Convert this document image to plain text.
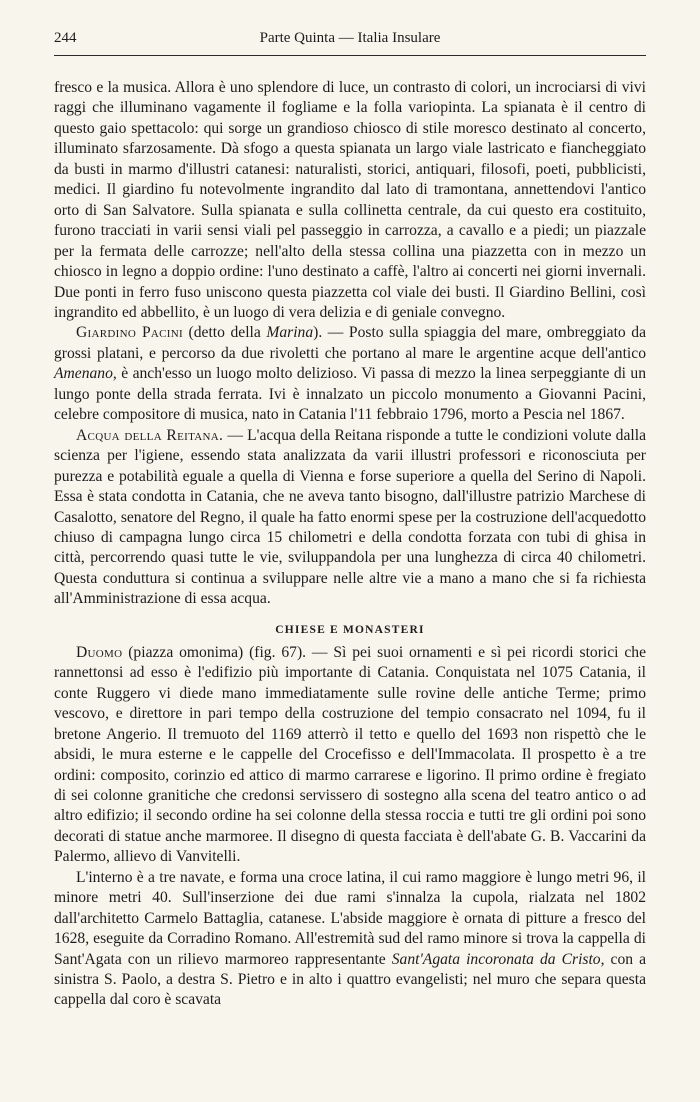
244	Parte Quinta — Italia Insulare

fresco e la musica. Allora è uno splendore di luce, un contrasto di colori, un incrociarsi di vivi raggi che illuminano vagamente il fogliame e la folla variopinta. La spianata è il centro di questo gaio spettacolo: qui sorge un grandioso chiosco di stile moresco destinato al concerto, illuminato sfarzosamente. Dà sfogo a questa spianata un largo viale lastricato e fiancheggiato da busti in marmo d'illustri catanesi: naturalisti, storici, antiquari, filosofi, poeti, pubblicisti, medici. Il giardino fu notevolmente ingrandito dal lato di tramontana, annettendovi l'antico orto di San Salvatore. Sulla spianata e sulla collinetta centrale, da cui questo era costituito, furono tracciati in varii sensi viali pel passeggio in carrozza, a cavallo e a piedi; un piazzale per la fermata delle carrozze; nell'alto della stessa collina una piazzetta con in mezzo un chiosco in legno a doppio ordine: l'uno destinato a caffè, l'altro ai concerti nei giorni invernali. Due ponti in ferro fuso uniscono questa piazzetta col viale dei busti. Il Giardino Bellini, così ingrandito ed abbellito, è un luogo di vera delizia e di geniale convegno.

Giardino Pacini (detto della Marina). — Posto sulla spiaggia del mare, ombreggiato da grossi platani, e percorso da due rivoletti che portano al mare le argentine acque dell'antico Amenano, è anch'esso un luogo molto delizioso. Vi passa di mezzo la linea serpeggiante di un lungo ponte della strada ferrata. Ivi è innalzato un piccolo monumento a Giovanni Pacini, celebre compositore di musica, nato in Catania l'11 febbraio 1796, morto a Pescia nel 1867.

Acqua della Reitana. — L'acqua della Reitana risponde a tutte le condizioni volute dalla scienza per l'igiene, essendo stata analizzata da varii illustri professori e riconosciuta per purezza e potabilità eguale a quella di Vienna e forse superiore a quella del Serino di Napoli. Essa è stata condotta in Catania, che ne aveva tanto bisogno, dall'illustre patrizio Marchese di Casalotto, senatore del Regno, il quale ha fatto enormi spese per la costruzione dell'acquedotto chiuso di campagna lungo circa 15 chilometri e della condotta forzata con tubi di ghisa in città, percorrendo quasi tutte le vie, sviluppandola per una lunghezza di circa 40 chilometri. Questa conduttura si continua a sviluppare nelle altre vie a mano a mano che si fa richiesta all'Amministrazione di essa acqua.

CHIESE E MONASTERI

Duomo (piazza omonima) (fig. 67). — Sì pei suoi ornamenti e sì pei ricordi storici che rannettonsi ad esso è l'edifizio più importante di Catania. Conquistata nel 1075 Catania, il conte Ruggero vi diede mano immediatamente sulle rovine delle antiche Terme; primo vescovo, e direttore in pari tempo della costruzione del tempio consacrato nel 1094, fu il bretone Angerio. Il tremuoto del 1169 atterrò il tetto e quello del 1693 non rispettò che le absidi, le mura esterne e le cappelle del Crocefisso e dell'Immacolata. Il prospetto è a tre ordini: composito, corinzio ed attico di marmo carrarese e ligorino. Il primo ordine è fregiato di sei colonne granitiche che credonsi servissero di sostegno alla scena del teatro antico o ad altro edifizio; il secondo ordine ha sei colonne della stessa roccia e tutti tre gli ordini poi sono decorati di statue anche marmoree. Il disegno di questa facciata è dell'abate G. B. Vaccarini da Palermo, allievo di Vanvitelli.

L'interno è a tre navate, e forma una croce latina, il cui ramo maggiore è lungo metri 96, il minore metri 40. Sull'inserzione dei due rami s'innalza la cupola, rialzata nel 1802 dall'architetto Carmelo Battaglia, catanese. L'abside maggiore è ornata di pitture a fresco del 1628, eseguite da Corradino Romano. All'estremità sud del ramo minore si trova la cappella di Sant'Agata con un rilievo marmoreo rappresentante Sant'Agata incoronata da Cristo, con a sinistra S. Paolo, a destra S. Pietro e in alto i quattro evangelisti; nel muro che separa questa cappella dal coro è scavata
